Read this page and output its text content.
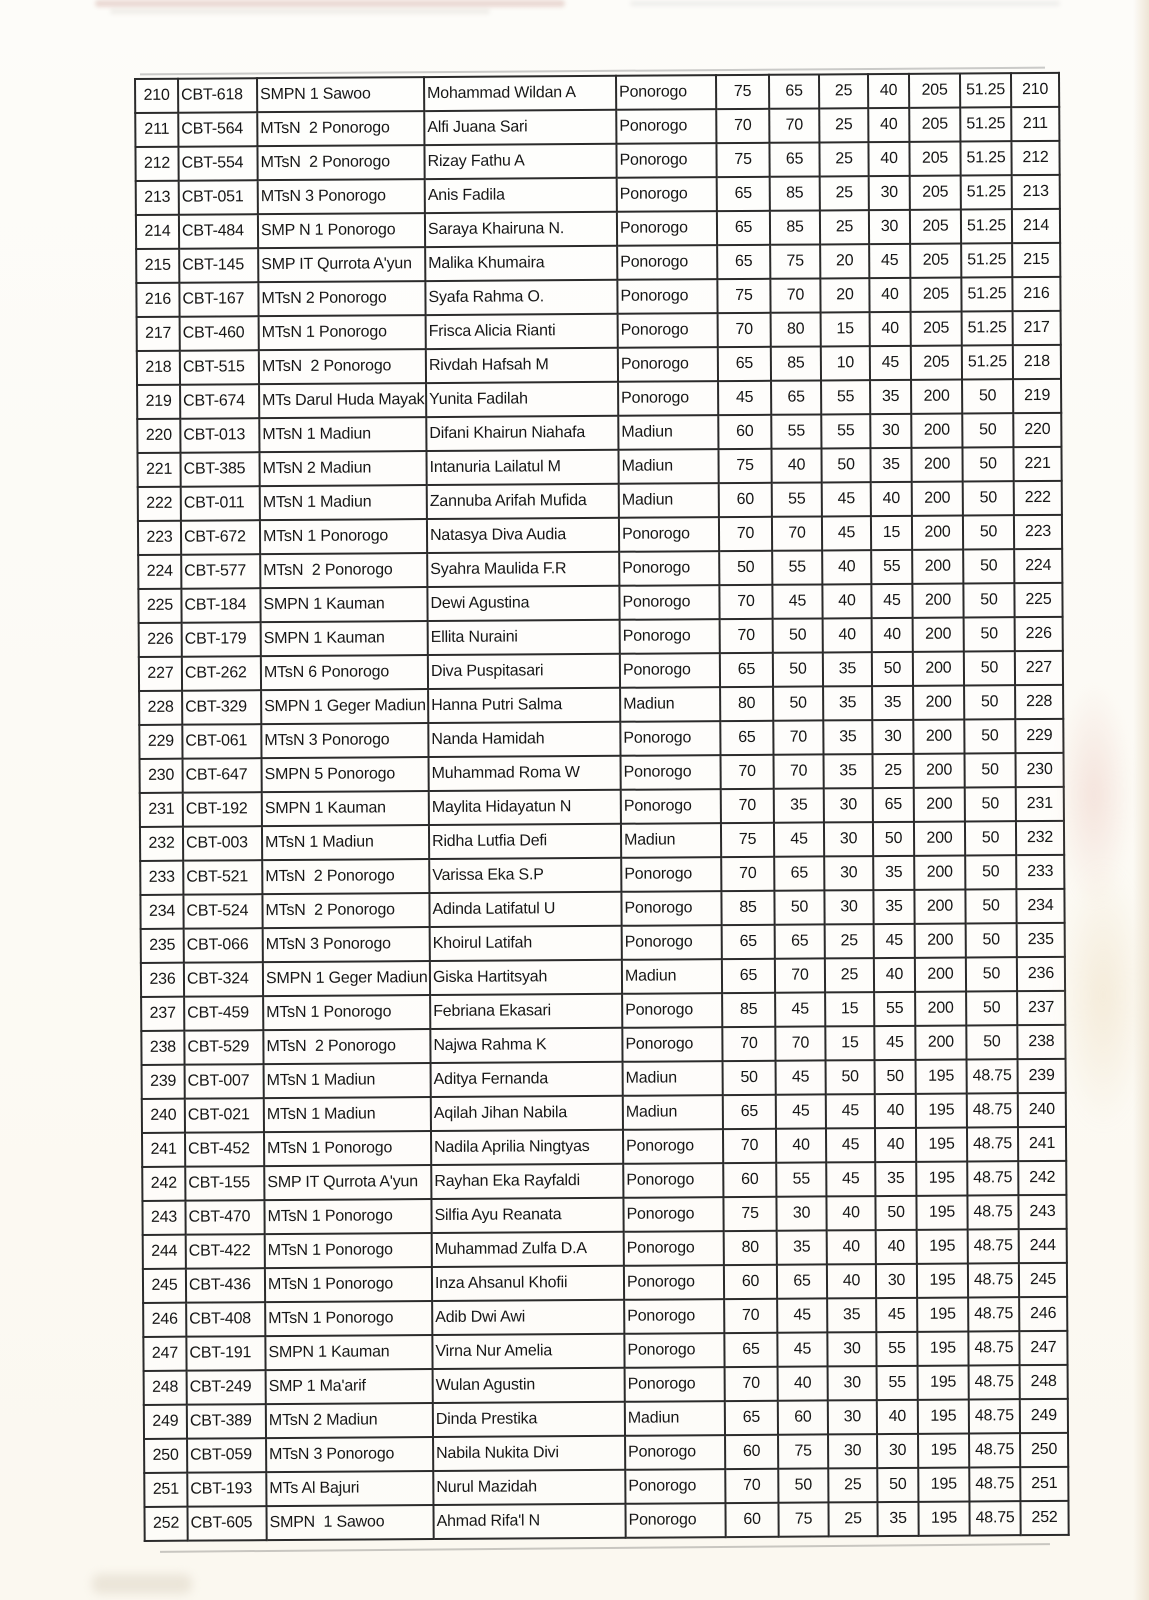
210	CBT-618	SMPN 1 Sawoo	Mohammad Wildan A	Ponorogo	75	65	25	40	205	51.25	210
211	CBT-564	MTsN  2 Ponorogo	Alfi Juana Sari	Ponorogo	70	70	25	40	205	51.25	211
212	CBT-554	MTsN  2 Ponorogo	Rizay Fathu A	Ponorogo	75	65	25	40	205	51.25	212
213	CBT-051	MTsN 3 Ponorogo	Anis Fadila	Ponorogo	65	85	25	30	205	51.25	213
214	CBT-484	SMP N 1 Ponorogo	Saraya Khairuna N.	Ponorogo	65	85	25	30	205	51.25	214
215	CBT-145	SMP IT Qurrota A'yun	Malika Khumaira	Ponorogo	65	75	20	45	205	51.25	215
216	CBT-167	MTsN 2 Ponorogo	Syafa Rahma O.	Ponorogo	75	70	20	40	205	51.25	216
217	CBT-460	MTsN 1 Ponorogo	Frisca Alicia Rianti	Ponorogo	70	80	15	40	205	51.25	217
218	CBT-515	MTsN  2 Ponorogo	Rivdah Hafsah M	Ponorogo	65	85	10	45	205	51.25	218
219	CBT-674	MTs Darul Huda Mayak	Yunita Fadilah	Ponorogo	45	65	55	35	200	50	219
220	CBT-013	MTsN 1 Madiun	Difani Khairun Niahafa	Madiun	60	55	55	30	200	50	220
221	CBT-385	MTsN 2 Madiun	Intanuria Lailatul M	Madiun	75	40	50	35	200	50	221
222	CBT-011	MTsN 1 Madiun	Zannuba Arifah Mufida	Madiun	60	55	45	40	200	50	222
223	CBT-672	MTsN 1 Ponorogo	Natasya Diva Audia	Ponorogo	70	70	45	15	200	50	223
224	CBT-577	MTsN  2 Ponorogo	Syahra Maulida F.R	Ponorogo	50	55	40	55	200	50	224
225	CBT-184	SMPN 1 Kauman	Dewi Agustina	Ponorogo	70	45	40	45	200	50	225
226	CBT-179	SMPN 1 Kauman	Ellita Nuraini	Ponorogo	70	50	40	40	200	50	226
227	CBT-262	MTsN 6 Ponorogo	Diva Puspitasari	Ponorogo	65	50	35	50	200	50	227
228	CBT-329	SMPN 1 Geger Madiun	Hanna Putri Salma	Madiun	80	50	35	35	200	50	228
229	CBT-061	MTsN 3 Ponorogo	Nanda Hamidah	Ponorogo	65	70	35	30	200	50	229
230	CBT-647	SMPN 5 Ponorogo	Muhammad Roma W	Ponorogo	70	70	35	25	200	50	230
231	CBT-192	SMPN 1 Kauman	Maylita Hidayatun N	Ponorogo	70	35	30	65	200	50	231
232	CBT-003	MTsN 1 Madiun	Ridha Lutfia Defi	Madiun	75	45	30	50	200	50	232
233	CBT-521	MTsN  2 Ponorogo	Varissa Eka S.P	Ponorogo	70	65	30	35	200	50	233
234	CBT-524	MTsN  2 Ponorogo	Adinda Latifatul U	Ponorogo	85	50	30	35	200	50	234
235	CBT-066	MTsN 3 Ponorogo	Khoirul Latifah	Ponorogo	65	65	25	45	200	50	235
236	CBT-324	SMPN 1 Geger Madiun	Giska Hartitsyah	Madiun	65	70	25	40	200	50	236
237	CBT-459	MTsN 1 Ponorogo	Febriana Ekasari	Ponorogo	85	45	15	55	200	50	237
238	CBT-529	MTsN  2 Ponorogo	Najwa Rahma K	Ponorogo	70	70	15	45	200	50	238
239	CBT-007	MTsN 1 Madiun	Aditya Fernanda	Madiun	50	45	50	50	195	48.75	239
240	CBT-021	MTsN 1 Madiun	Aqilah Jihan Nabila	Madiun	65	45	45	40	195	48.75	240
241	CBT-452	MTsN 1 Ponorogo	Nadila Aprilia Ningtyas	Ponorogo	70	40	45	40	195	48.75	241
242	CBT-155	SMP IT Qurrota A'yun	Rayhan Eka Rayfaldi	Ponorogo	60	55	45	35	195	48.75	242
243	CBT-470	MTsN 1 Ponorogo	Silfia Ayu Reanata	Ponorogo	75	30	40	50	195	48.75	243
244	CBT-422	MTsN 1 Ponorogo	Muhammad Zulfa D.A	Ponorogo	80	35	40	40	195	48.75	244
245	CBT-436	MTsN 1 Ponorogo	Inza Ahsanul Khofii	Ponorogo	60	65	40	30	195	48.75	245
246	CBT-408	MTsN 1 Ponorogo	Adib Dwi Awi	Ponorogo	70	45	35	45	195	48.75	246
247	CBT-191	SMPN 1 Kauman	Virna Nur Amelia	Ponorogo	65	45	30	55	195	48.75	247
248	CBT-249	SMP 1 Ma'arif	Wulan Agustin	Ponorogo	70	40	30	55	195	48.75	248
249	CBT-389	MTsN 2 Madiun	Dinda Prestika	Madiun	65	60	30	40	195	48.75	249
250	CBT-059	MTsN 3 Ponorogo	Nabila Nukita Divi	Ponorogo	60	75	30	30	195	48.75	250
251	CBT-193	MTs Al Bajuri	Nurul Mazidah	Ponorogo	70	50	25	50	195	48.75	251
252	CBT-605	SMPN  1 Sawoo	Ahmad Rifa'l N	Ponorogo	60	75	25	35	195	48.75	252
